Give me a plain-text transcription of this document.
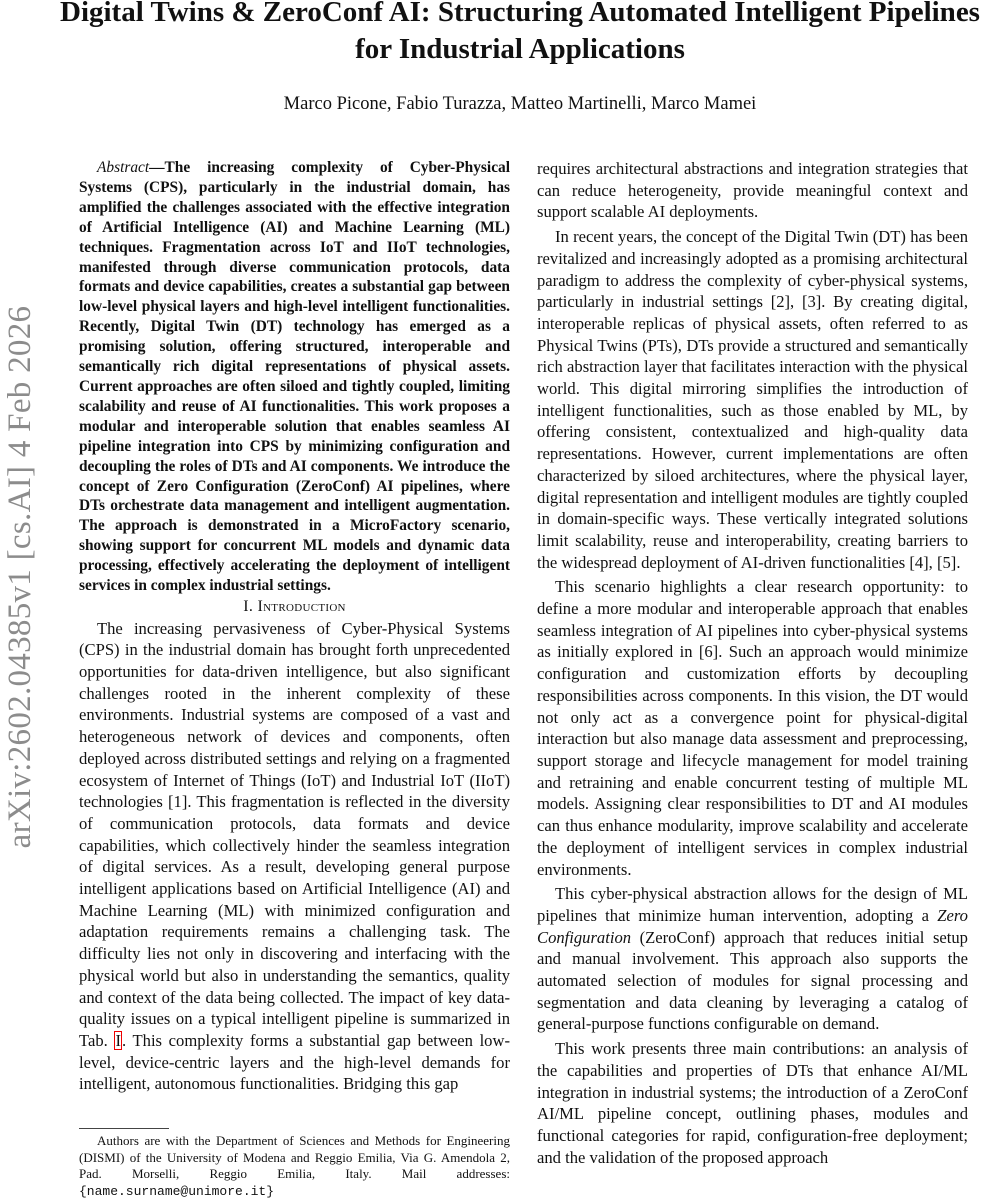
Digital Twins & ZeroConf AI: Structuring Automated Intelligent Pipelines for Industrial Applications
Marco Picone, Fabio Turazza, Matteo Martinelli, Marco Mamei
arXiv:2602.04385v1 [cs.AI] 4 Feb 2026

Abstract—The increasing complexity of Cyber-Physical Systems (CPS), particularly in the industrial domain, has amplified the challenges associated with the effective integration of Artificial Intelligence (AI) and Machine Learning (ML) techniques. Fragmentation across IoT and IIoT technologies, manifested through diverse communication protocols, data formats and device capabilities, creates a substantial gap between low-level physical layers and high-level intelligent functionalities. Recently, Digital Twin (DT) technology has emerged as a promising solution, offering structured, interoperable and semantically rich digital representations of physical assets. Current approaches are often siloed and tightly coupled, limiting scalability and reuse of AI functionalities. This work proposes a modular and interoperable solution that enables seamless AI pipeline integration into CPS by minimizing configuration and decoupling the roles of DTs and AI components. We introduce the concept of Zero Configuration (ZeroConf) AI pipelines, where DTs orchestrate data management and intelligent augmentation. The approach is demonstrated in a MicroFactory scenario, showing support for concurrent ML models and dynamic data processing, effectively accelerating the deployment of intelligent services in complex industrial settings.

I. Introduction

The increasing pervasiveness of Cyber-Physical Systems (CPS) in the industrial domain has brought forth unprecedented opportunities for data-driven intelligence, but also significant challenges rooted in the inherent complexity of these environments. Industrial systems are composed of a vast and heterogeneous network of devices and components, often deployed across distributed settings and relying on a fragmented ecosystem of Internet of Things (IoT) and Industrial IoT (IIoT) technologies [1]. This fragmentation is reflected in the diversity of communication protocols, data formats and device capabilities, which collectively hinder the seamless integration of digital services. As a result, developing general purpose intelligent applications based on Artificial Intelligence (AI) and Machine Learning (ML) with minimized configuration and adaptation requirements remains a challenging task. The difficulty lies not only in discovering and interfacing with the physical world but also in understanding the semantics, quality and context of the data being collected. The impact of key data-quality issues on a typical intelligent pipeline is summarized in Tab. I. This complexity forms a substantial gap between low-level, device-centric layers and the high-level demands for intelligent, autonomous functionalities. Bridging this gap

requires architectural abstractions and integration strategies that can reduce heterogeneity, provide meaningful context and support scalable AI deployments.

In recent years, the concept of the Digital Twin (DT) has been revitalized and increasingly adopted as a promising architectural paradigm to address the complexity of cyber-physical systems, particularly in industrial settings [2], [3]. By creating digital, interoperable replicas of physical assets, often referred to as Physical Twins (PTs), DTs provide a structured and semantically rich abstraction layer that facilitates interaction with the physical world. This digital mirroring simplifies the introduction of intelligent functionalities, such as those enabled by ML, by offering consistent, contextualized and high-quality data representations. However, current implementations are often characterized by siloed architectures, where the physical layer, digital representation and intelligent modules are tightly coupled in domain-specific ways. These vertically integrated solutions limit scalability, reuse and interoperability, creating barriers to the widespread deployment of AI-driven functionalities [4], [5].

This scenario highlights a clear research opportunity: to define a more modular and interoperable approach that enables seamless integration of AI pipelines into cyber-physical systems as initially explored in [6]. Such an approach would minimize configuration and customization efforts by decoupling responsibilities across components. In this vision, the DT would not only act as a convergence point for physical-digital interaction but also manage data assessment and preprocessing, support storage and lifecycle management for model training and retraining and enable concurrent testing of multiple ML models. Assigning clear responsibilities to DT and AI modules can thus enhance modularity, improve scalability and accelerate the deployment of intelligent services in complex industrial environments.

This cyber-physical abstraction allows for the design of ML pipelines that minimize human intervention, adopting a Zero Configuration (ZeroConf) approach that reduces initial setup and manual involvement. This approach also supports the automated selection of modules for signal processing and segmentation and data cleaning by leveraging a catalog of general-purpose functions configurable on demand.

This work presents three main contributions: an analysis of the capabilities and properties of DTs that enhance AI/ML integration in industrial systems; the introduction of a ZeroConf AI/ML pipeline concept, outlining phases, modules and functional categories for rapid, configuration-free deployment; and the validation of the proposed approach

Authors are with the Department of Sciences and Methods for Engineering (DISMI) of the University of Modena and Reggio Emilia, Via G. Amendola 2, Pad. Morselli, Reggio Emilia, Italy. Mail addresses: {name.surname@unimore.it}
